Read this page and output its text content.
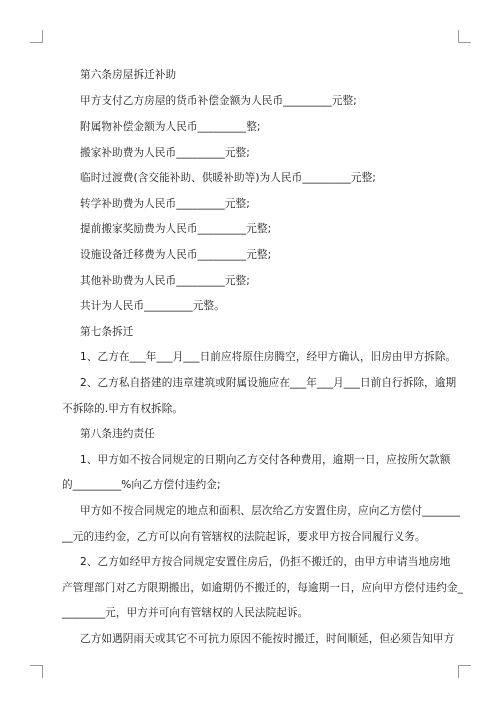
第六条房屋拆迁补助
甲方支付乙方房屋的货币补偿金额为人民币_________元整;
附属物补偿金额为人民币_________整;
搬家补助费为人民币_________元整;
临时过渡费(含交能补助、供暖补助等)为人民币_________元整;
转学补助费为人民币_________元整;
提前搬家奖励费为人民币_________元整;
设施设备迁移费为人民币_________元整;
其他补助费为人民币_________元整;
共计为人民币_________元整。
第七条拆迁
1、乙方在___年___月___日前应将原住房腾空，经甲方确认，旧房由甲方拆除。
2、乙方私自搭建的违章建筑或附属设施应在___年___月___日前自行拆除，逾期
不拆除的.甲方有权拆除。
第八条违约责任
1、甲方如不按合同规定的日期向乙方交付各种费用，逾期一日，应按所欠款额
的_________%向乙方偿付违约金;
甲方如不按合同规定的地点和面积、层次给乙方安置住房，应向乙方偿付_______
__元的违约金，乙方可以向有管辖权的法院起诉，要求甲方按合同履行义务。
2、乙方如经甲方按合同规定安置住房后，仍拒不搬迁的，由甲方申请当地房地
产管理部门对乙方限期搬出，如逾期仍不搬迁的，每逾期一日，应向甲方偿付违约金_
________元，甲方并可向有管辖权的人民法院起诉。
乙方如遇阴雨天或其它不可抗力原因不能按时搬迁，时间顺延，但必须告知甲方
